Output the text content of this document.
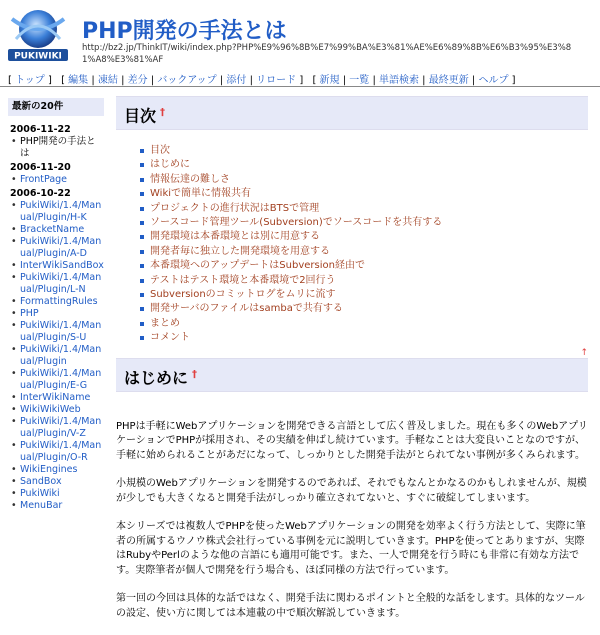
PUKIWIKI
PHP開発の手法とは
http://bz2.jp/ThinkIT/wiki/index.php?PHP%E9%96%8B%E7%99%BA%E3%81%AE%E6%89%8B%E6%B3%95%E3%81%A8%E3%81%AF
[ トップ ] [ 編集 | 凍結 | 差分 | バックアップ | 添付 | リロード ] [ 新規 | 一覧 | 単語検索 | 最終更新 | ヘルプ ]
最新の20件
2006-11-22
• PHP開発の手法とは
2006-11-20
• FrontPage
2006-10-22
• PukiWiki/1.4/Manual/Plugin/H-K
• BracketName
• PukiWiki/1.4/Manual/Plugin/A-D
• InterWikiSandBox
• PukiWiki/1.4/Manual/Plugin/L-N
• FormattingRules
• PHP
• PukiWiki/1.4/Manual/Plugin/S-U
• PukiWiki/1.4/Manual/Plugin
• PukiWiki/1.4/Manual/Plugin/E-G
• InterWikiName
• WikiWikiWeb
• PukiWiki/1.4/Manual/Plugin/V-Z
• PukiWiki/1.4/Manual/Plugin/O-R
• WikiEngines
• SandBox
• PukiWiki
• MenuBar
目次 †
目次
はじめに
情報伝達の難しさ
Wikiで簡単に情報共有
プロジェクトの進行状況はBTSで管理
ソースコード管理ツール(Subversion)でソースコードを共有する
開発環境は本番環境とは別に用意する
開発者毎に独立した開発環境を用意する
本番環境へのアップデートはSubversion経由で
テストはテスト環境と本番環境で2回行う
Subversionのコミットログをムリに流す
開発サーバのファイルはsambaで共有する
まとめ
コメント
↑
はじめに †

PHPは手軽にWebアプリケーションを開発できる言語として広く普及しました。現在も多くのWebアプリケーションでPHPが採用され、その実績を伸ばし続けています。手軽なことは大変良いことなのですが、手軽に始められることがあだになって、しっかりとした開発手法がとられてない事例が多くみられます。

小規模のWebアプリケーションを開発するのであれば、それでもなんとかなるのかもしれませんが、規模が少しでも大きくなると開発手法がしっかり確立されてないと、すぐに破綻してしまいます。

本シリーズでは複数人でPHPを使ったWebアプリケーションの開発を効率よく行う方法として、実際に筆者の所属するウノウ株式会社行っている事例を元に説明していきます。PHPを使ってとありますが、実際はRubyやPerlのような他の言語にも適用可能です。また、一人で開発を行う時にも非常に有効な方法です。実際筆者が個人で開発を行う場合も、ほぼ同様の方法で行っています。

第一回の今回は具体的な話ではなく、開発手法に関わるポイントと全般的な話をします。具体的なツールの設定、使い方に関しては本連載の中で順次解説していきます。
